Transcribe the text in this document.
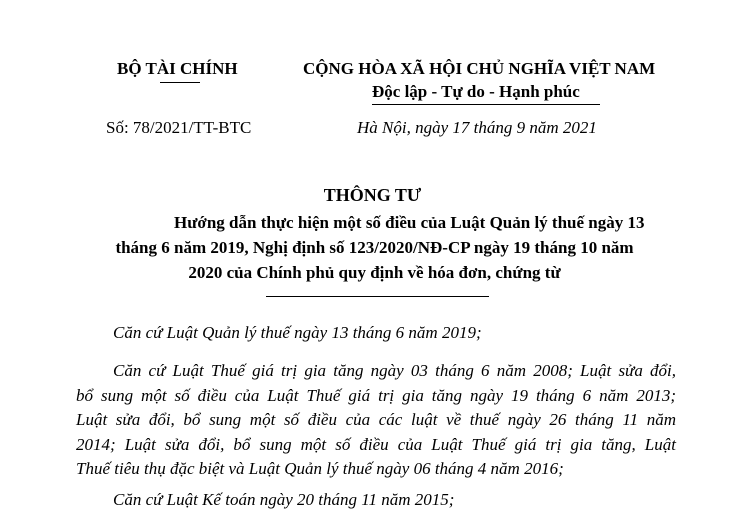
BỘ TÀI CHÍNH	CỘNG HÒA XÃ HỘI CHỦ NGHĨA VIỆT NAM
Độc lập - Tự do - Hạnh phúc
Số: 78/2021/TT-BTC	Hà Nội, ngày 17 tháng 9 năm 2021
THÔNG TƯ
Hướng dẫn thực hiện một số điều của Luật Quản lý thuế ngày 13
tháng 6 năm 2019, Nghị định số 123/2020/NĐ-CP ngày 19 tháng 10 năm
2020 của Chính phủ quy định về hóa đơn, chứng từ
Căn cứ Luật Quản lý thuế ngày 13 tháng 6 năm 2019;
Căn cứ Luật Thuế giá trị gia tăng ngày 03 tháng 6 năm 2008; Luật sửa đổi,
bổ sung một số điều của Luật Thuế giá trị gia tăng ngày 19 tháng 6 năm 2013;
Luật sửa đổi, bổ sung một số điều của các luật về thuế ngày 26 tháng 11 năm
2014; Luật sửa đổi, bổ sung một số điều của Luật Thuế giá trị gia tăng, Luật
Thuế tiêu thụ đặc biệt và Luật Quản lý thuế ngày 06 tháng 4 năm 2016;
Căn cứ Luật Kế toán ngày 20 tháng 11 năm 2015;
